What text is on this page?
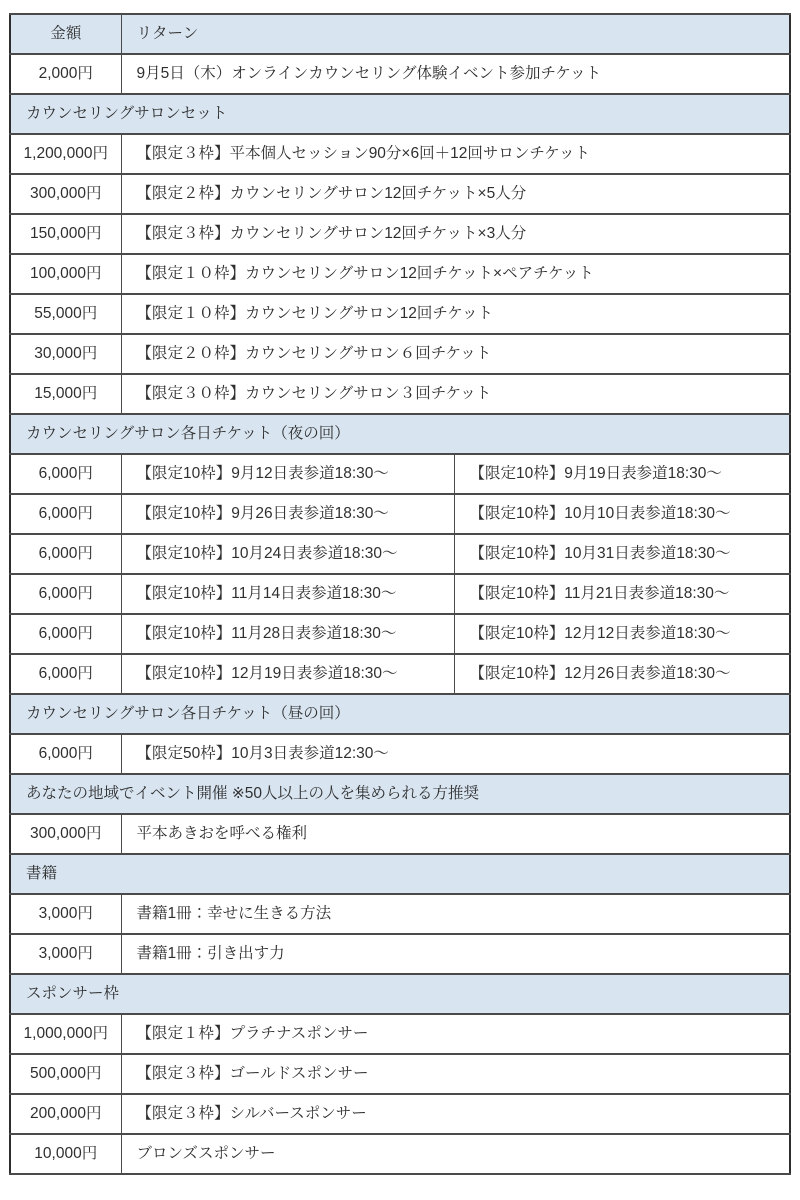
金額	リターン	
2,000円	9月5日（木）オンラインカウンセリング体験イベント参加チケット	
カウンセリングサロンセット		
1,200,000円	【限定３枠】平本個人セッション90分×6回＋12回サロンチケット	
300,000円	【限定２枠】カウンセリングサロン12回チケット×5人分	
150,000円	【限定３枠】カウンセリングサロン12回チケット×3人分	
100,000円	【限定１０枠】カウンセリングサロン12回チケット×ペアチケット	
55,000円	【限定１０枠】カウンセリングサロン12回チケット	
30,000円	【限定２０枠】カウンセリングサロン６回チケット	
15,000円	【限定３０枠】カウンセリングサロン３回チケット	
カウンセリングサロン各日チケット（夜の回）		
6,000円	【限定10枠】9月12日表参道18:30～	【限定10枠】9月19日表参道18:30～
6,000円	【限定10枠】9月26日表参道18:30～	【限定10枠】10月10日表参道18:30～
6,000円	【限定10枠】10月24日表参道18:30～	【限定10枠】10月31日表参道18:30～
6,000円	【限定10枠】11月14日表参道18:30～	【限定10枠】11月21日表参道18:30～
6,000円	【限定10枠】11月28日表参道18:30～	【限定10枠】12月12日表参道18:30～
6,000円	【限定10枠】12月19日表参道18:30～	【限定10枠】12月26日表参道18:30～
カウンセリングサロン各日チケット（昼の回）		
6,000円	【限定50枠】10月3日表参道12:30～	
あなたの地域でイベント開催 ※50人以上の人を集められる方推奨		
300,000円	平本あきおを呼べる権利	
書籍		
3,000円	書籍1冊：幸せに生きる方法	
3,000円	書籍1冊：引き出す力	
スポンサー枠		
1,000,000円	【限定１枠】プラチナスポンサー	
500,000円	【限定３枠】ゴールドスポンサー	
200,000円	【限定３枠】シルバースポンサー	
10,000円	ブロンズスポンサー	
